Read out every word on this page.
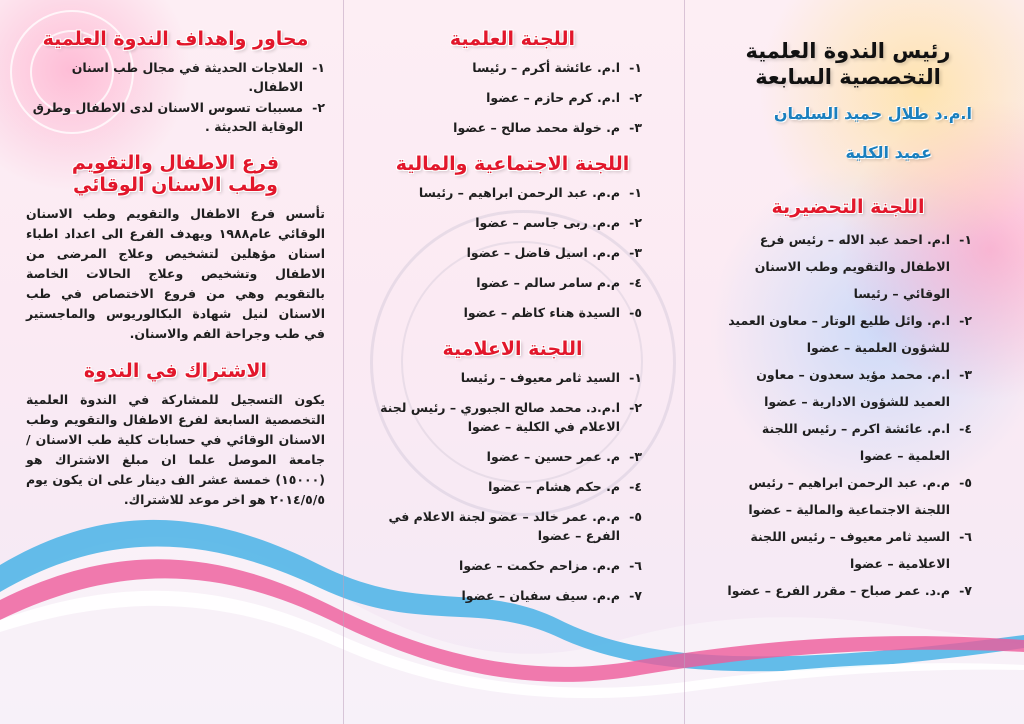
رئيس الندوة العلمية
التخصصية السابعة
ا.م.د طلال حميد السلمان
عميد الكلية
اللجنة التحضيرية
١-
ا.م. احمد عبد الاله – رئيس فرع الاطفال والتقويم وطب الاسنان الوقائي – رئيسا
٢-
ا.م. وائل طليع الوتار – معاون العميد للشؤون العلمية – عضوا
٣-
ا.م. محمد مؤيد سعدون – معاون العميد للشؤون الادارية – عضوا
٤-
ا.م. عائشة اكرم – رئيس اللجنة العلمية – عضوا
٥-
م.م. عبد الرحمن ابراهيم – رئيس اللجنة الاجتماعية والمالية – عضوا
٦-
السيد ثامر معيوف – رئيس اللجنة الاعلامية – عضوا
٧-
م.د. عمر صباح – مقرر الفرع – عضوا
اللجنة العلمية
١-
ا.م. عائشة أكرم – رئيسا
٢-
ا.م. كرم حازم – عضوا
٣-
م. خولة محمد صالح – عضوا
اللجنة الاجتماعية والمالية
١-
م.م. عبد الرحمن ابراهيم – رئيسا
٢-
م.م. ربى جاسم – عضوا
٣-
م.م. اسيل فاضل – عضوا
٤-
م.م سامر سالم – عضوا
٥-
السيدة هناء كاظم – عضوا
اللجنة الاعلامية
١-
السيد ثامر معيوف – رئيسا
٢-
ا.م.د. محمد صالح الجبوري – رئيس لجنة الاعلام في الكلية – عضوا
٣-
م. عمر حسين – عضوا
٤-
م. حكم هشام – عضوا
٥-
م.م. عمر خالد – عضو لجنة الاعلام في الفرع – عضوا
٦-
م.م. مزاحم حكمت – عضوا
٧-
م.م. سيف سفيان – عضوا
محاور واهداف الندوة العلمية
١-
العلاجات الحديثة في مجال طب اسنان الاطفال.
٢-
مسببات تسوس الاسنان لدى الاطفال وطرق الوقاية الحديثة .
فرع الاطفال والتقويم
وطب الاسنان الوقائي

تأسس فرع الاطفال والتقويم وطب الاسنان الوقائي عام١٩٨٨ ويهدف الفرع الى اعداد اطباء اسنان مؤهلين لتشخيص وعلاج المرضى من الاطفال وتشخيص وعلاج الحالات الخاصة بالتقويم وهي من فروع الاختصاص في طب الاسنان لنيل شهادة البكالوريوس والماجستير في طب وجراحة الفم والاسنان.

الاشتراك في الندوة

يكون التسجيل للمشاركة في الندوة العلمية التخصصية السابعة لفرع الاطفال والتقويم وطب الاسنان الوقائي في حسابات كلية طب الاسنان / جامعة الموصل علما ان مبلغ الاشتراك هو (١٥٠٠٠) خمسة عشر الف دينار على ان يكون يوم ٢٠١٤/٥/٥ هو اخر موعد للاشتراك.
